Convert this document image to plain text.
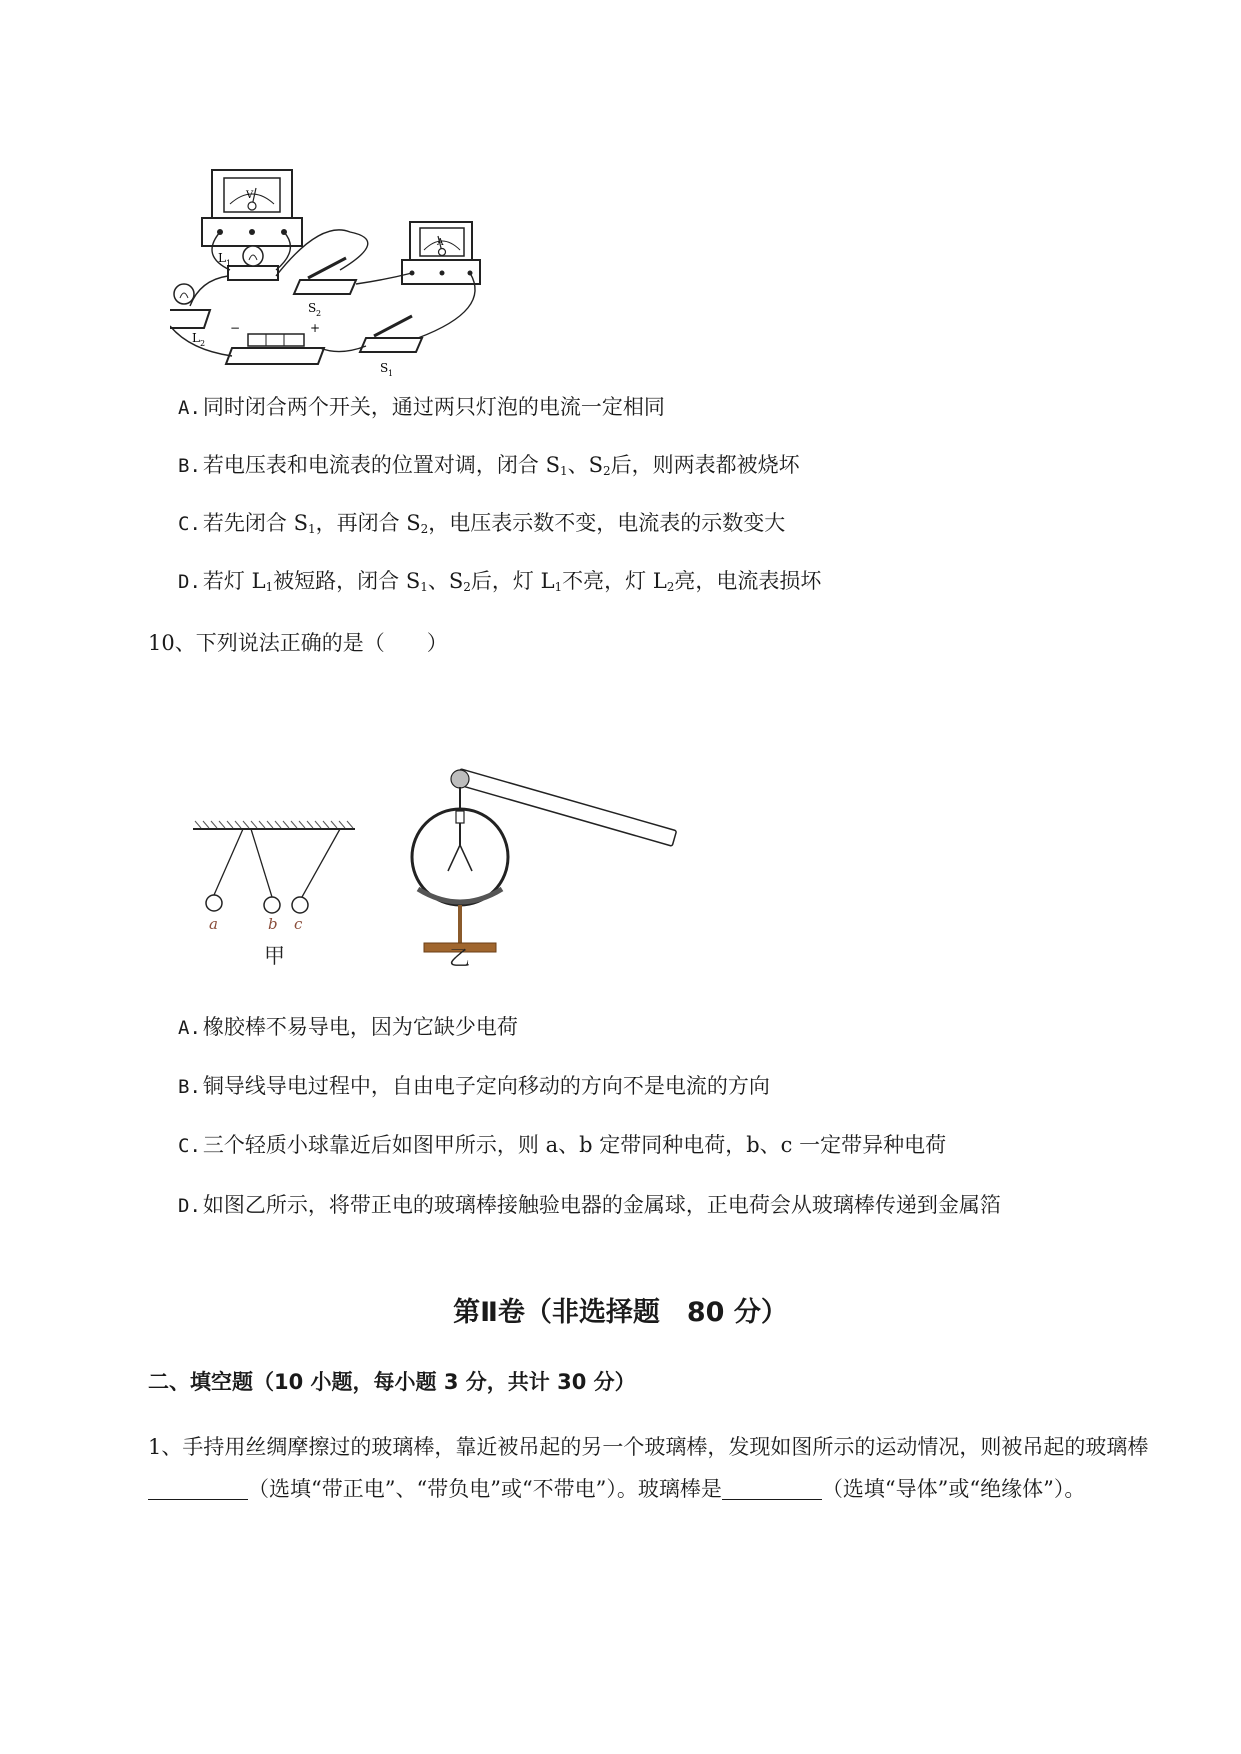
V
A
L 1
L 2
S 2
S 1
−	+
A.同时闭合两个开关，通过两只灯泡的电流一定相同
B.若电压表和电流表的位置对调，闭合 $S_1$、$S_2$后，则两表都被烧坏
C.若先闭合 $S_1$，再闭合 $S_2$，电压表示数不变，电流表的示数变大
D.若灯 $L_1$被短路，闭合 $S_1$、$S_2$后，灯 $L_1$不亮，灯 $L_2$亮，电流表损坏
10、下列说法正确的是（　　）
a	b c
甲	乙
A.橡胶棒不易导电，因为它缺少电荷
B.铜导线导电过程中，自由电子定向移动的方向不是电流的方向
C.三个轻质小球靠近后如图甲所示，则 a、b 定带同种电荷，b、c 一定带异种电荷
D.如图乙所示，将带正电的玻璃棒接触验电器的金属球，正电荷会从玻璃棒传递到金属箔
第Ⅱ卷（非选择题　80 分）
二、填空题（10 小题，每小题 3 分，共计 30 分）
1、手持用丝绸摩擦过的玻璃棒，靠近被吊起的另一个玻璃棒，发现如图所示的运动情况，则被吊起的玻璃棒（选填“带正电”、“带负电”或“不带电”）。玻璃棒是	（选填“导体”或“绝缘体”）。
